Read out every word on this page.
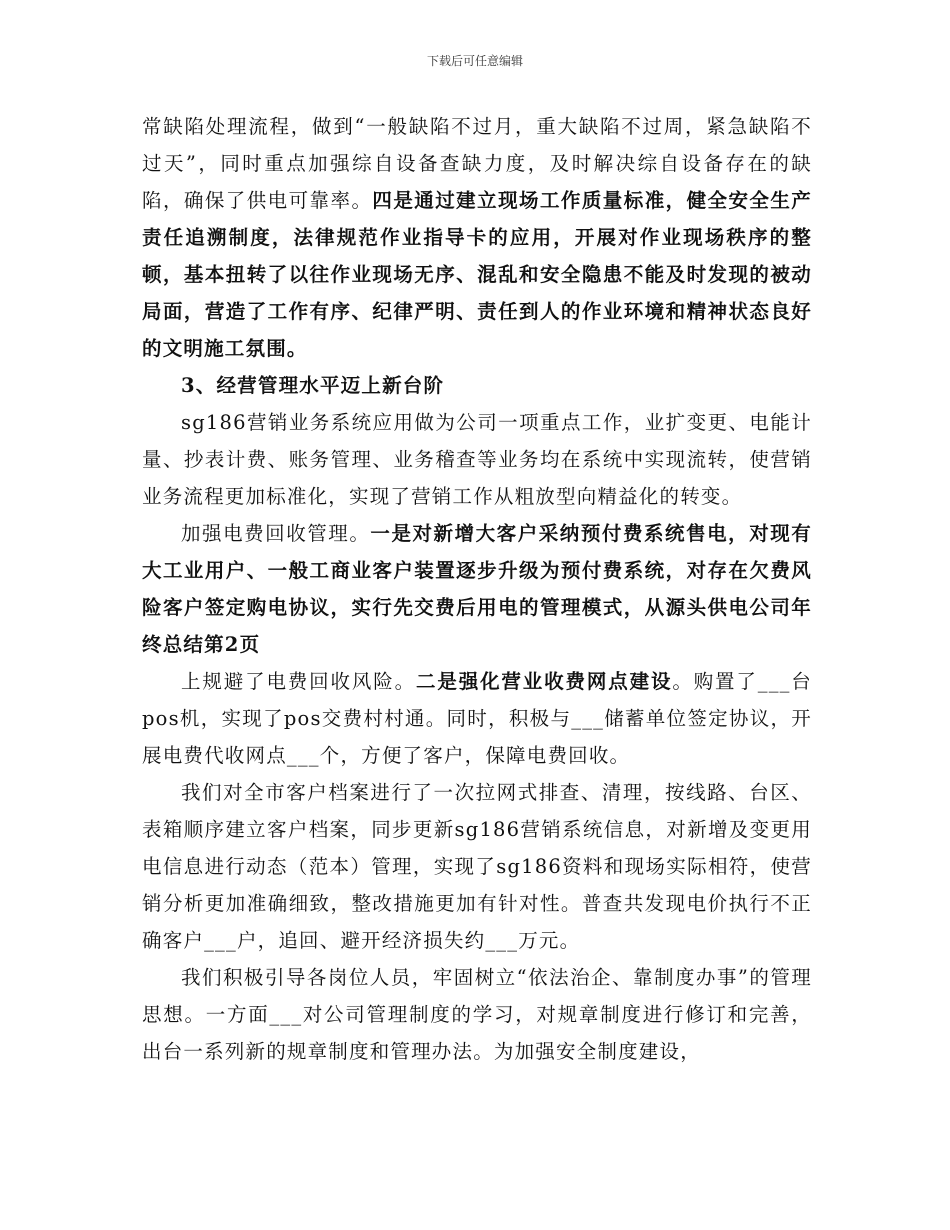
下载后可任意编辑

常缺陷处理流程，做到“一般缺陷不过月，重大缺陷不过周，紧急缺陷不过天”，同时重点加强综自设备查缺力度，及时解决综自设备存在的缺陷，确保了供电可靠率。四是通过建立现场工作质量标准，健全安全生产责任追溯制度，法律规范作业指导卡的应用，开展对作业现场秩序的整顿，基本扭转了以往作业现场无序、混乱和安全隐患不能及时发现的被动局面，营造了工作有序、纪律严明、责任到人的作业环境和精神状态良好的文明施工氛围。

3、经营管理水平迈上新台阶

sg186营销业务系统应用做为公司一项重点工作，业扩变更、电能计量、抄表计费、账务管理、业务稽查等业务均在系统中实现流转，使营销业务流程更加标准化，实现了营销工作从粗放型向精益化的转变。

加强电费回收管理。一是对新增大客户采纳预付费系统售电，对现有大工业用户、一般工商业客户装置逐步升级为预付费系统，对存在欠费风险客户签定购电协议，实行先交费后用电的管理模式，从源头供电公司年终总结第2页

上规避了电费回收风险。二是强化营业收费网点建设。购置了___台pos机，实现了pos交费村村通。同时，积极与___储蓄单位签定协议，开展电费代收网点___个，方便了客户，保障电费回收。

我们对全市客户档案进行了一次拉网式排查、清理，按线路、台区、表箱顺序建立客户档案，同步更新sg186营销系统信息，对新增及变更用电信息进行动态（范本）管理，实现了sg186资料和现场实际相符，使营销分析更加准确细致，整改措施更加有针对性。普查共发现电价执行不正确客户___户，追回、避开经济损失约___万元。

我们积极引导各岗位人员，牢固树立“依法治企、靠制度办事”的管理思想。一方面___对公司管理制度的学习，对规章制度进行修订和完善，出台一系列新的规章制度和管理办法。为加强安全制度建设，
